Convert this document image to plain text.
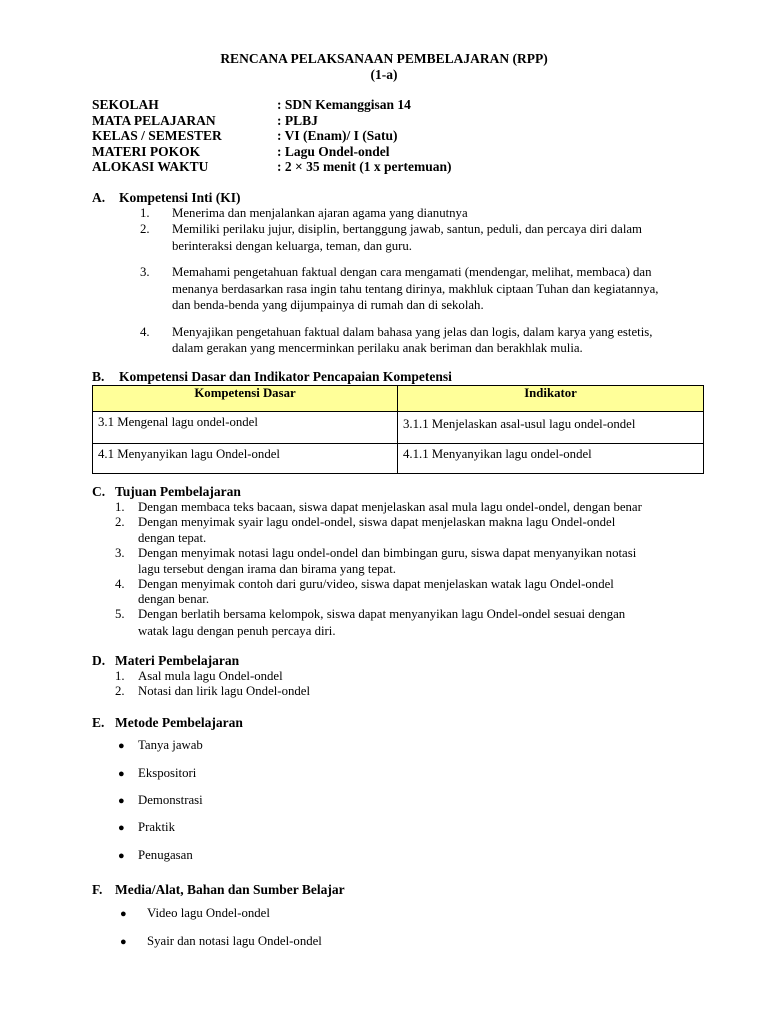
RENCANA PELAKSANAAN PEMBELAJARAN (RPP)
(1-a)
SEKOLAH	: SDN Kemanggisan 14
MATA PELAJARAN	: PLBJ
KELAS / SEMESTER	: VI (Enam)/ I (Satu)
MATERI POKOK	: Lagu Ondel-ondel
ALOKASI WAKTU	: 2 × 35 menit (1 x pertemuan)
A. Kompetensi Inti (KI)
1. Menerima dan menjalankan ajaran agama yang dianutnya
2. Memiliki perilaku jujur, disiplin, bertanggung jawab, santun, peduli, dan percaya diri dalam
berinteraksi dengan keluarga, teman, dan guru.
3. Memahami pengetahuan faktual dengan cara mengamati (mendengar, melihat, membaca) dan
menanya berdasarkan rasa ingin tahu tentang dirinya, makhluk ciptaan Tuhan dan kegiatannya,
dan benda-benda yang dijumpainya di rumah dan di sekolah.
4. Menyajikan pengetahuan faktual dalam bahasa yang jelas dan logis, dalam karya yang estetis,
dalam gerakan yang mencerminkan perilaku anak beriman dan berakhlak mulia.
B. Kompetensi Dasar dan Indikator Pencapaian Kompetensi
Kompetensi Dasar	Indikator
3.1 Mengenal lagu ondel-ondel	3.1.1 Menjelaskan asal-usul lagu ondel-ondel
4.1 Menyanyikan lagu Ondel-ondel	4.1.1 Menyanyikan lagu ondel-ondel
C. Tujuan Pembelajaran
1. Dengan membaca teks bacaan, siswa dapat menjelaskan asal mula lagu ondel-ondel, dengan benar
2. Dengan menyimak syair lagu ondel-ondel, siswa dapat menjelaskan makna lagu Ondel-ondel
dengan tepat.
3. Dengan menyimak notasi lagu ondel-ondel dan bimbingan guru, siswa dapat menyanyikan notasi
lagu tersebut dengan irama dan birama yang tepat.
4. Dengan menyimak contoh dari guru/video, siswa dapat menjelaskan watak lagu Ondel-ondel
dengan benar.
5. Dengan berlatih bersama kelompok, siswa dapat menyanyikan lagu Ondel-ondel sesuai dengan
watak lagu dengan penuh percaya diri.
D. Materi Pembelajaran
1. Asal mula lagu Ondel-ondel
2. Notasi dan lirik lagu Ondel-ondel
E. Metode Pembelajaran
● Tanya jawab
● Ekspositori
● Demonstrasi
● Praktik
● Penugasan
F. Media/Alat, Bahan dan Sumber Belajar
● Video lagu Ondel-ondel
● Syair dan notasi lagu Ondel-ondel
